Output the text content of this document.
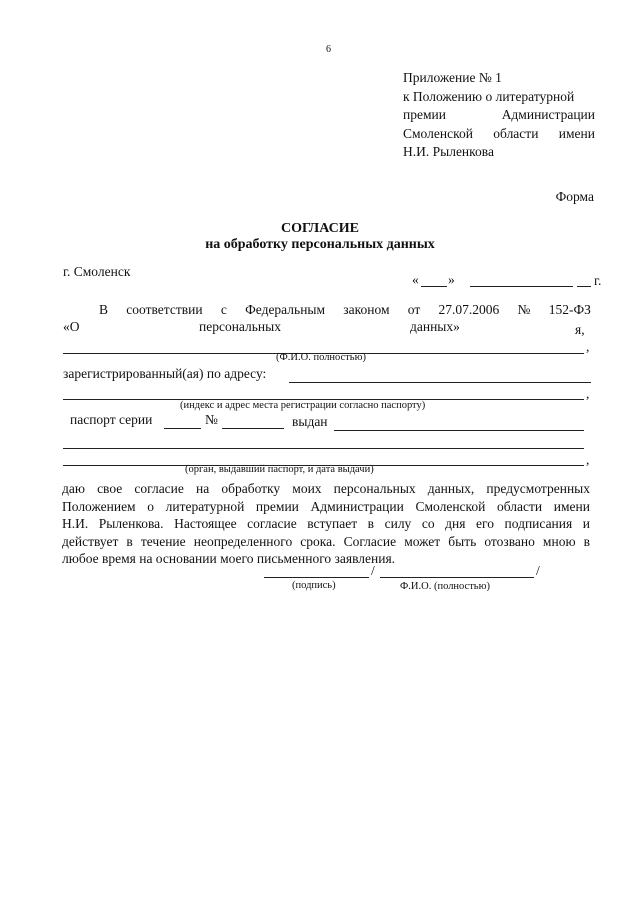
6
Приложение № 1
к Положению о литературной
премии	Администрации
Смоленской области имени
Н.И. Рыленкова
Форма
СОГЛАСИЕ
на обработку персональных данных
г. Смоленск
« »	г.
В соответствии с Федеральным законом от 27.07.2006 № 152-ФЗ
«О	персональных	данных»	я,
,
(Ф.И.О. полностью)
зарегистрированный(ая) по адресу:
,
(индекс и адрес места регистрации согласно паспорту)
паспорт серии	№	выдан
,
(орган, выдавший паспорт, и дата выдачи)
даю свое согласие на обработку моих персональных данных, предусмотренных
Положением о литературной премии Администрации Смоленской области имени
Н.И. Рыленкова. Настоящее согласие вступает в силу со дня его подписания и
действует в течение неопределенного срока. Согласие может быть отозвано мною в
любое время на основании моего письменного заявления.
/	/
(подпись)	Ф.И.О. (полностью)
